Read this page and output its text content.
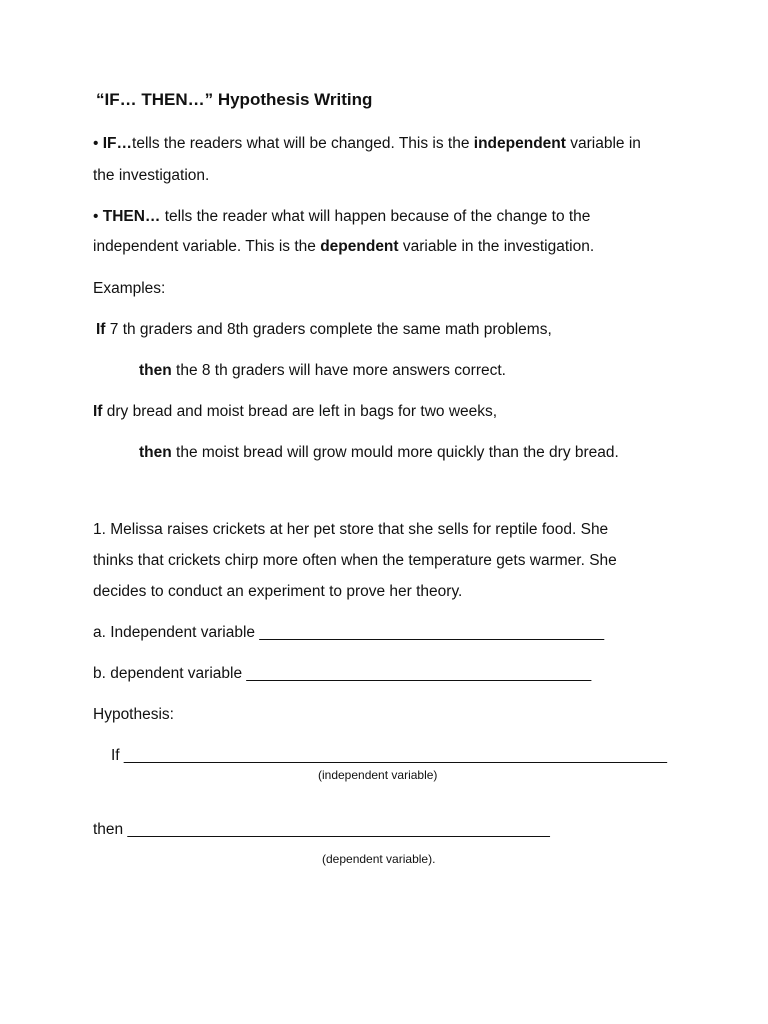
“IF… THEN…” Hypothesis Writing
• IF…tells the readers what will be changed. This is the independent variable in
the investigation.
• THEN… tells the reader what will happen because of the change to the
independent variable. This is the dependent variable in the investigation.
Examples:
If 7 th graders and 8th graders complete the same math problems,
then the 8 th graders will have more answers correct.
If dry bread and moist bread are left in bags for two weeks,
then the moist bread will grow mould more quickly than the dry bread.
1. Melissa raises crickets at her pet store that she sells for reptile food. She
thinks that crickets chirp more often when the temperature gets warmer. She
decides to conduct an experiment to prove her theory.
a. Independent variable ________________________________________
b. dependent variable ________________________________________
Hypothesis:
If _______________________________________________________________
(independent variable)
then _________________________________________________
(dependent variable).
